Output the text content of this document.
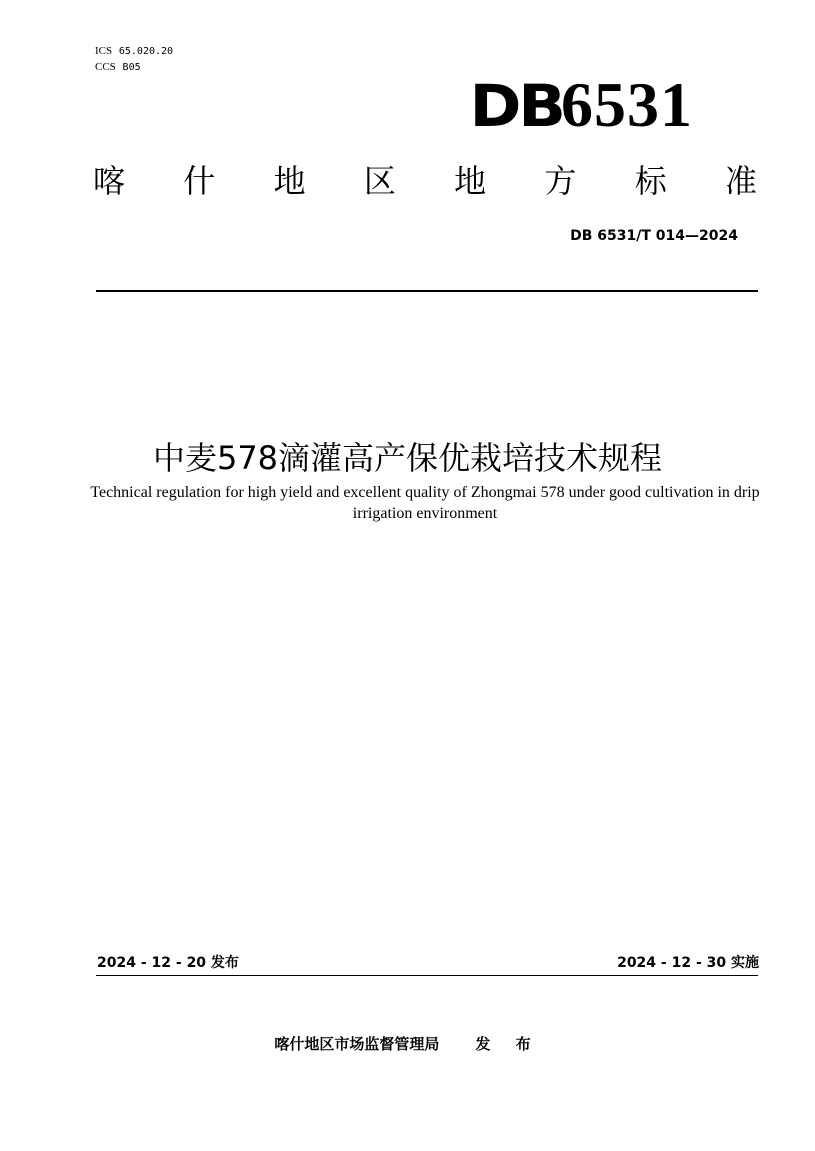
ICS 65.020.20
CCS B05
DB6531
喀 什 地 区 地 方 标 准
DB 6531/T 014—2024
中麦578滴灌高产保优栽培技术规程
Technical regulation for high yield and excellent quality of Zhongmai 578 under good cultivation in drip irrigation environment
2024 - 12 - 20 发布	2024 - 12 - 30 实施
喀什地区市场监督管理局 发 布
